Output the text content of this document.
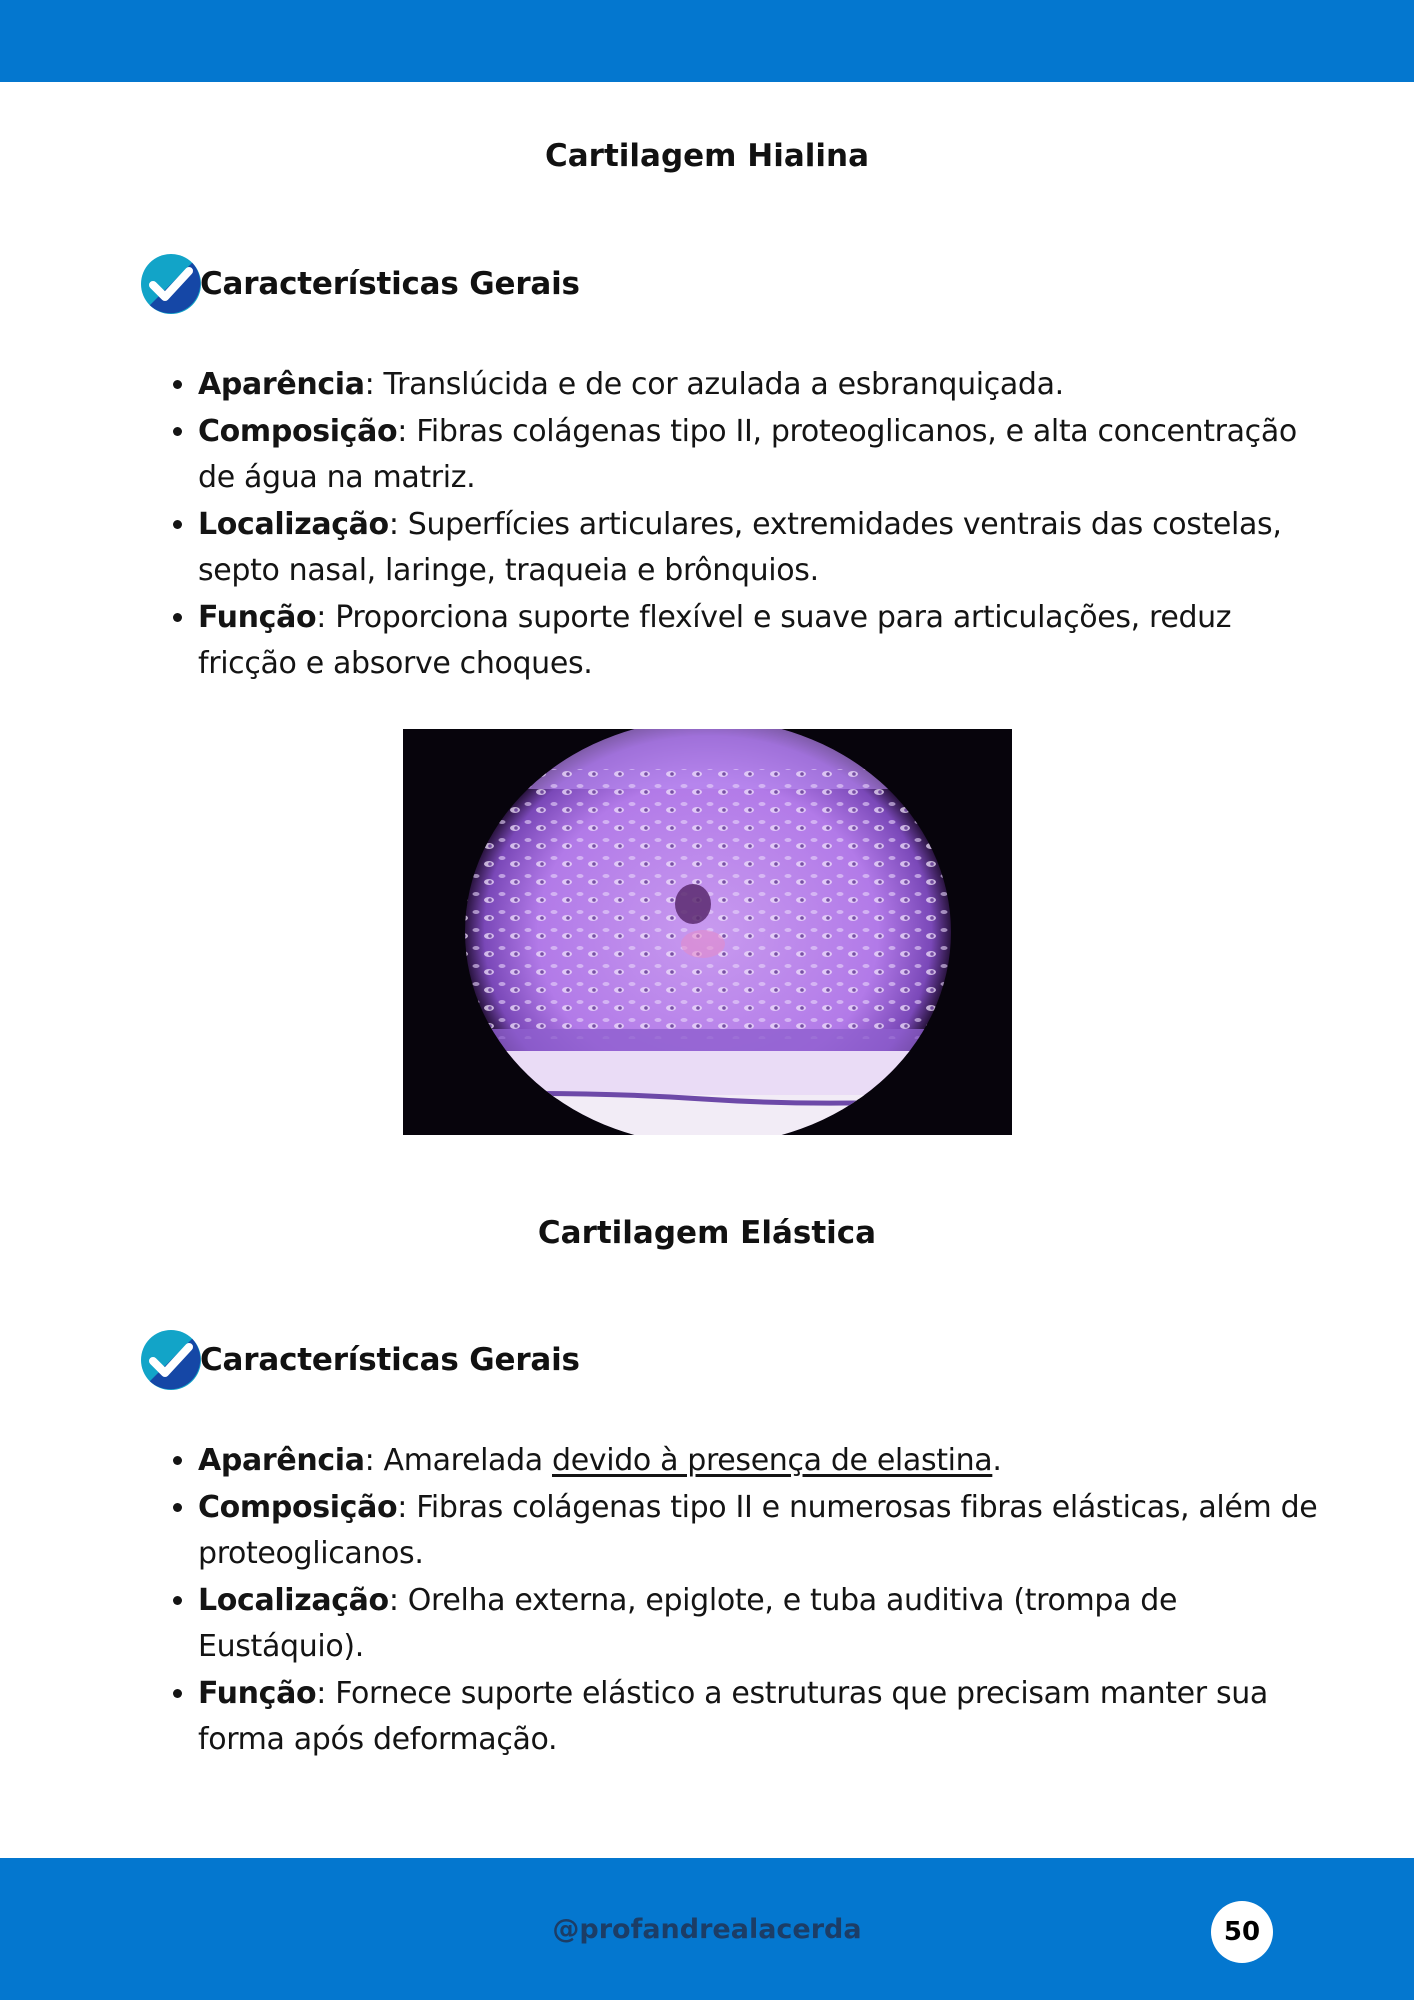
Cartilagem Hialina
Características Gerais
• Aparência: Translúcida e de cor azulada a esbranquiçada.
• Composição: Fibras colágenas tipo II, proteoglicanos, e alta concentração de água na matriz.
• Localização: Superfícies articulares, extremidades ventrais das costelas, septo nasal, laringe, traqueia e brônquios.
• Função: Proporciona suporte flexível e suave para articulações, reduz fricção e absorve choques.
Cartilagem Elástica
Características Gerais
• Aparência: Amarelada devido à presença de elastina.
• Composição: Fibras colágenas tipo II e numerosas fibras elásticas, além de proteoglicanos.
• Localização: Orelha externa, epiglote, e tuba auditiva (trompa de Eustáquio).
• Função: Fornece suporte elástico a estruturas que precisam manter sua forma após deformação.
@profandrealacerda	50
